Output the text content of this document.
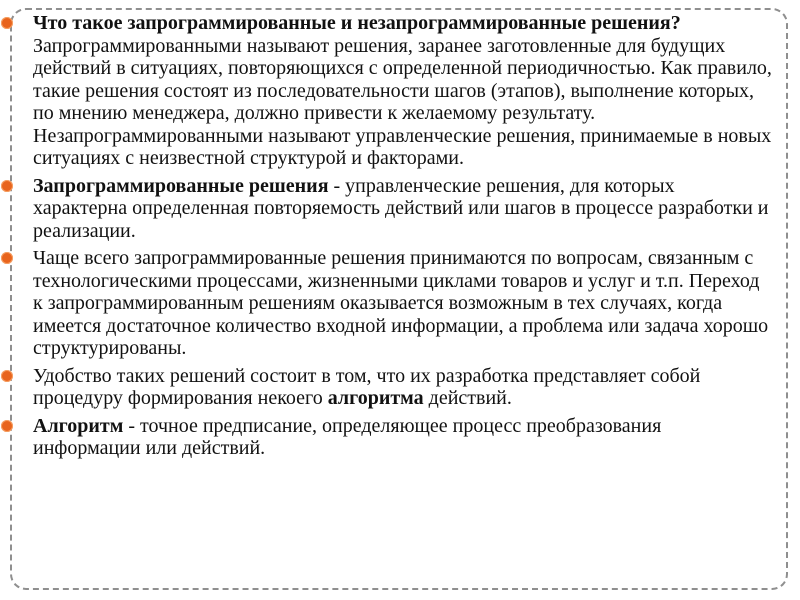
Что такое запрограммированные и незапрограммированные решения? Запрограммированными называют решения, заранее заготовленные для будущих действий в ситуациях, повторяющихся с определенной периодичностью. Как правило, такие решения состоят из последовательности шагов (этапов), выполнение которых, по мнению менеджера, должно привести к желаемому результату. Незапрограммированными называют управленческие решения, принимаемые в новых ситуациях с неизвестной структурой и факторами.
Запрограммированные решения - управленческие решения, для которых характерна определенная повторяемость действий или шагов в процессе разработки и реализации.
Чаще всего запрограммированные решения принимаются по вопросам, связанным с технологическими процессами, жизненными циклами товаров и услуг и т.п. Переход к запрограммированным решениям оказывается возможным в тех случаях, когда имеется достаточное количество входной информации, а проблема или задача хорошо структурированы.
Удобство таких решений состоит в том, что их разработка представляет собой процедуру формирования некоего алгоритма действий.
Алгоритм - точное предписание, определяющее процесс преобразования информации или действий.
